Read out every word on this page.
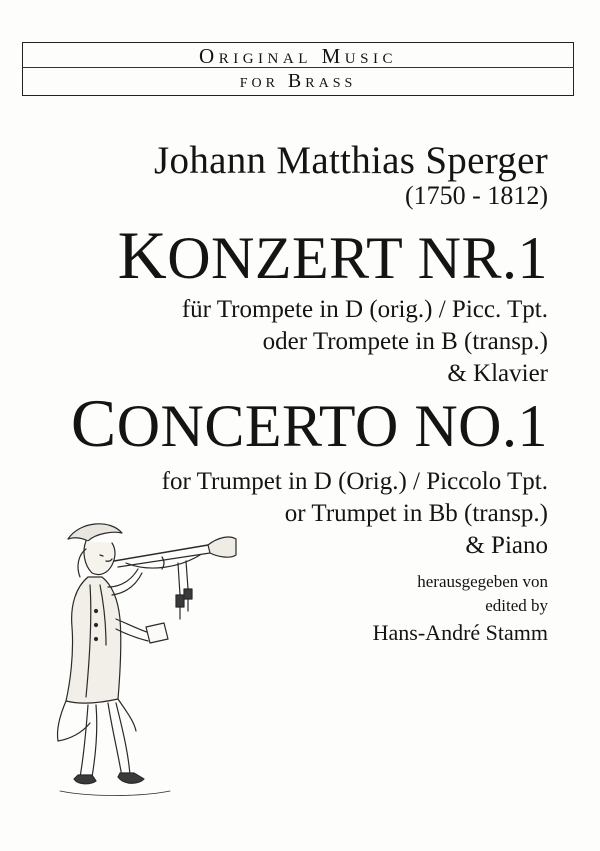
Original Music
for Brass
Johann Matthias Sperger
(1750 - 1812)
KONZERT NR.1
für Trompete in D (orig.) / Picc. Tpt.
oder Trompete in B (transp.)
& Klavier
CONCERTO NO.1
for Trumpet in D (Orig.) / Piccolo Tpt.
or Trumpet in Bb (transp.)
& Piano
herausgegeben von
edited by
Hans-André Stamm
